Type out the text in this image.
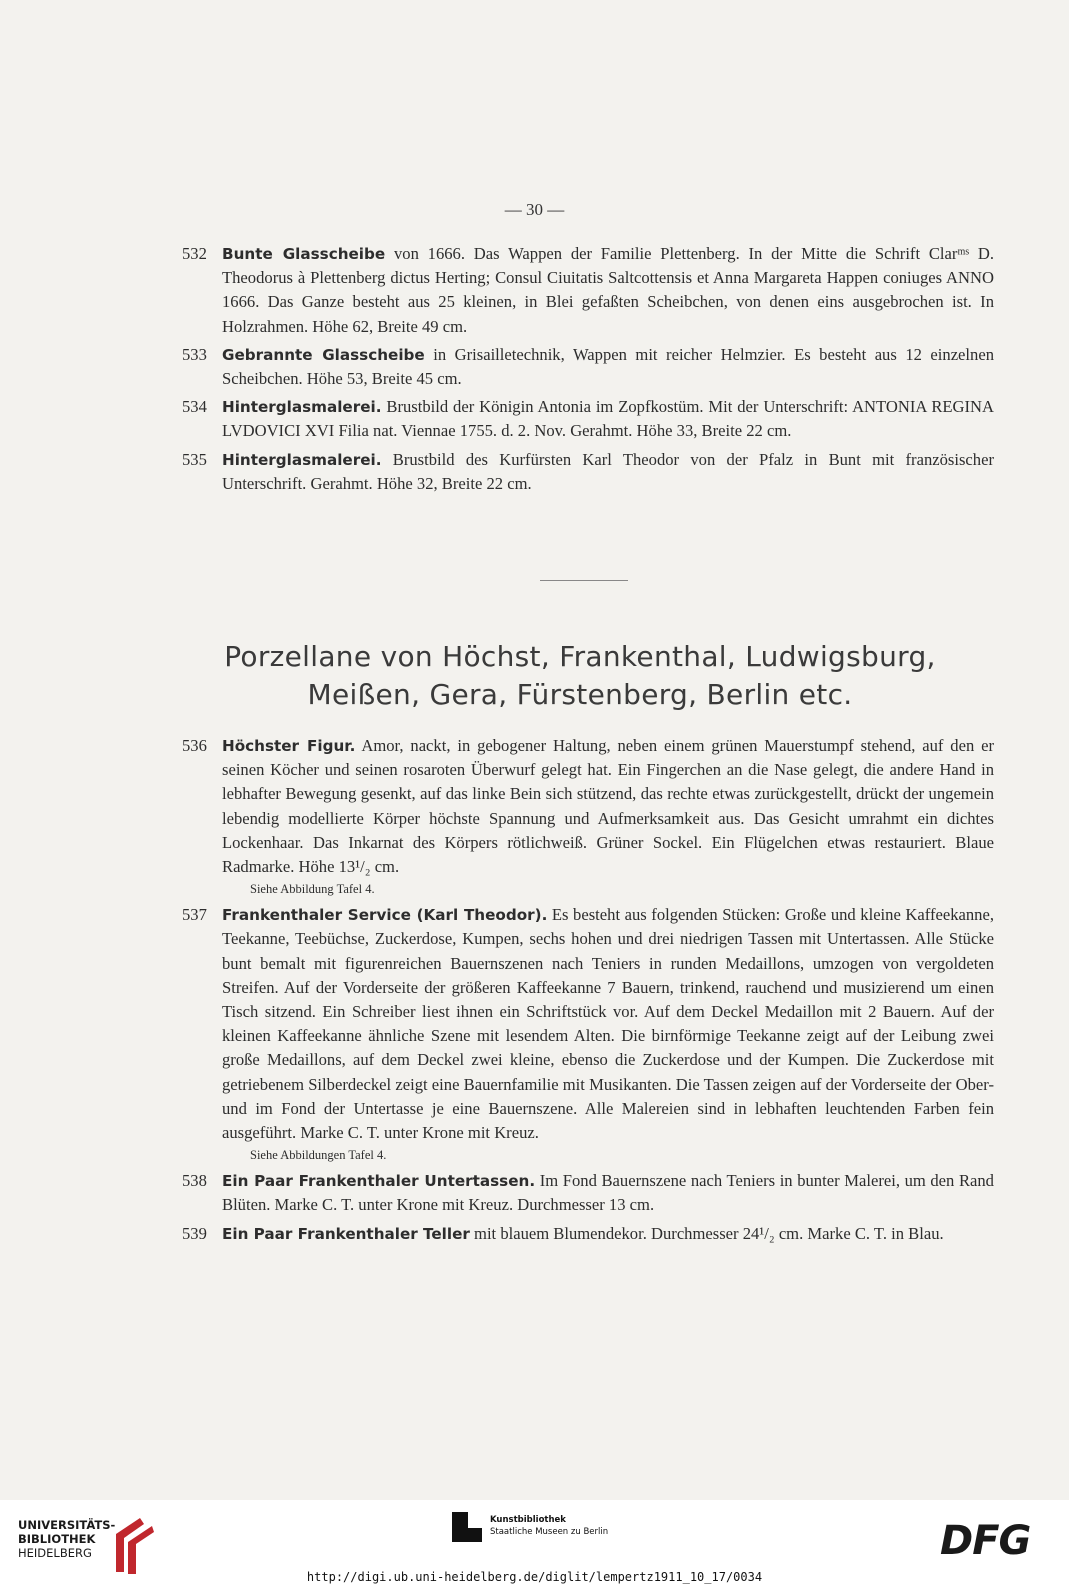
— 30 —
532 Bunte Glasscheibe von 1666. Das Wappen der Familie Plettenberg. In der Mitte die Schrift Clarᵐˢ D. Theodorus à Plettenberg dictus Herting; Consul Ciuitatis Saltcottensis et Anna Margareta Happen coniuges ANNO 1666. Das Ganze besteht aus 25 kleinen, in Blei gefaßten Scheibchen, von denen eins ausgebrochen ist. In Holzrahmen. Höhe 62, Breite 49 cm.
533 Gebrannte Glasscheibe in Grisailletechnik, Wappen mit reicher Helmzier. Es besteht aus 12 einzelnen Scheibchen. Höhe 53, Breite 45 cm.
534 Hinterglasmalerei. Brustbild der Königin Antonia im Zopfkostüm. Mit der Unterschrift: ANTONIA REGINA LVDOVICI XVI Filia nat. Viennae 1755. d. 2. Nov. Gerahmt. Höhe 33, Breite 22 cm.
535 Hinterglasmalerei. Brustbild des Kurfürsten Karl Theodor von der Pfalz in Bunt mit französischer Unterschrift. Gerahmt. Höhe 32, Breite 22 cm.
Porzellane von Höchst, Frankenthal, Ludwigsburg,
Meißen, Gera, Fürstenberg, Berlin etc.
536 Höchster Figur. Amor, nackt, in gebogener Haltung, neben einem grünen Mauerstumpf stehend, auf den er seinen Köcher und seinen rosaroten Überwurf gelegt hat. Ein Fingerchen an die Nase gelegt, die andere Hand in lebhafter Bewegung gesenkt, auf das linke Bein sich stützend, das rechte etwas zurückgestellt, drückt der ungemein lebendig modellierte Körper höchste Spannung und Aufmerksamkeit aus. Das Gesicht umrahmt ein dichtes Lockenhaar. Das Inkarnat des Körpers rötlichweiß. Grüner Sockel. Ein Flügelchen etwas restauriert. Blaue Radmarke. Höhe 13¹/₂ cm.
Siehe Abbildung Tafel 4.
537 Frankenthaler Service (Karl Theodor). Es besteht aus folgenden Stücken: Große und kleine Kaffeekanne, Teekanne, Teebüchse, Zuckerdose, Kumpen, sechs hohen und drei niedrigen Tassen mit Untertassen. Alle Stücke bunt bemalt mit figurenreichen Bauernszenen nach Teniers in runden Medaillons, umzogen von vergoldeten Streifen. Auf der Vorderseite der größeren Kaffeekanne 7 Bauern, trinkend, rauchend und musizierend um einen Tisch sitzend. Ein Schreiber liest ihnen ein Schriftstück vor. Auf dem Deckel Medaillon mit 2 Bauern. Auf der kleinen Kaffeekanne ähnliche Szene mit lesendem Alten. Die birnförmige Teekanne zeigt auf der Leibung zwei große Medaillons, auf dem Deckel zwei kleine, ebenso die Zuckerdose und der Kumpen. Die Zuckerdose mit getriebenem Silberdeckel zeigt eine Bauernfamilie mit Musikanten. Die Tassen zeigen auf der Vorderseite der Ober- und im Fond der Untertasse je eine Bauernszene. Alle Malereien sind in lebhaften leuchtenden Farben fein ausgeführt. Marke C. T. unter Krone mit Kreuz.
Siehe Abbildungen Tafel 4.
538 Ein Paar Frankenthaler Untertassen. Im Fond Bauernszene nach Teniers in bunter Malerei, um den Rand Blüten. Marke C. T. unter Krone mit Kreuz. Durchmesser 13 cm.
539 Ein Paar Frankenthaler Teller mit blauem Blumendekor. Durchmesser 24¹/₂ cm. Marke C. T. in Blau.
UNIVERSITÄTS-
BIBLIOTHEK
HEIDELBERG
Kunstbibliothek
Staatliche Museen zu Berlin	DFG
http://digi.ub.uni-heidelberg.de/diglit/lempertz1911_10_17/0034
